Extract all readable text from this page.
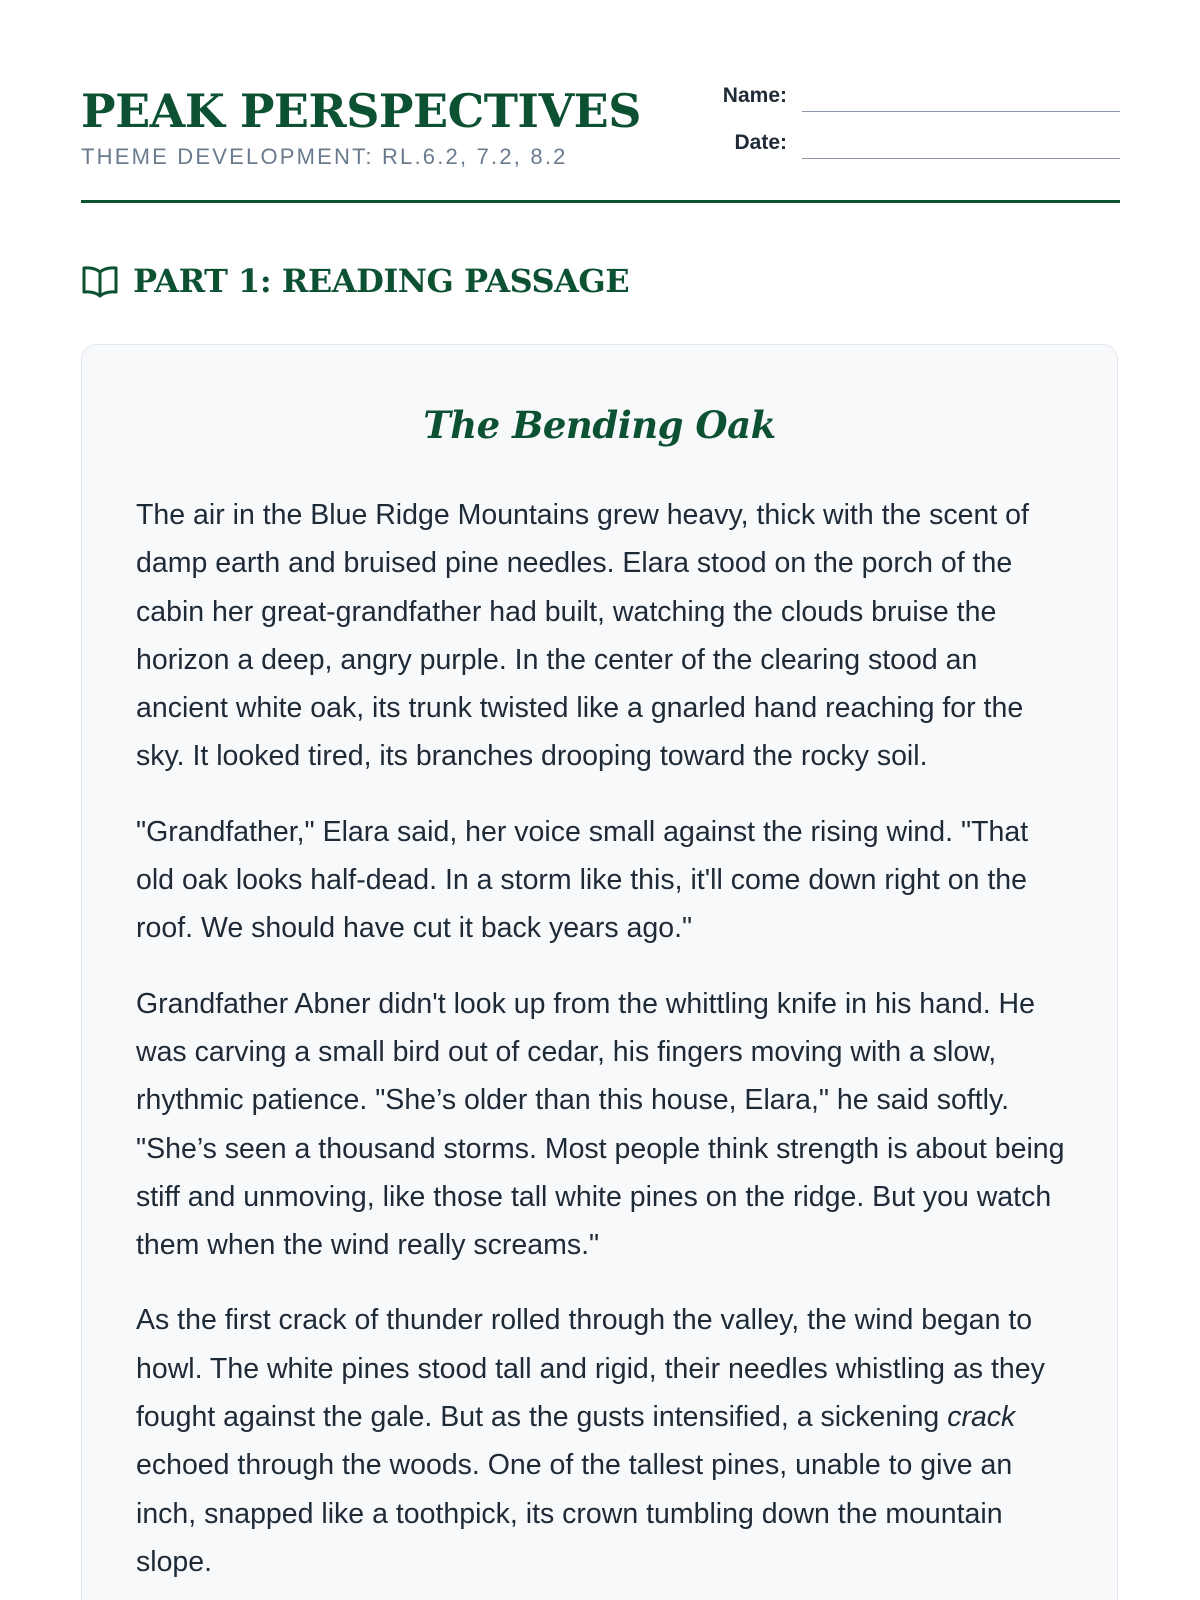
PEAK PERSPECTIVES
THEME DEVELOPMENT: RL.6.2, 7.2, 8.2
Name:
Date:
PART 1: READING PASSAGE
The Bending Oak

The air in the Blue Ridge Mountains grew heavy, thick with the scent of damp earth and bruised pine needles. Elara stood on the porch of the cabin her great-grandfather had built, watching the clouds bruise the horizon a deep, angry purple. In the center of the clearing stood an ancient white oak, its trunk twisted like a gnarled hand reaching for the sky. It looked tired, its branches drooping toward the rocky soil.

"Grandfather," Elara said, her voice small against the rising wind. "That old oak looks half-dead. In a storm like this, it'll come down right on the roof. We should have cut it back years ago."

Grandfather Abner didn't look up from the whittling knife in his hand. He was carving a small bird out of cedar, his fingers moving with a slow, rhythmic patience. "She’s older than this house, Elara," he said softly. "She’s seen a thousand storms. Most people think strength is about being stiff and unmoving, like those tall white pines on the ridge. But you watch them when the wind really screams."

As the first crack of thunder rolled through the valley, the wind began to howl. The white pines stood tall and rigid, their needles whistling as they fought against the gale. But as the gusts intensified, a sickening crack echoed through the woods. One of the tallest pines, unable to give an inch, snapped like a toothpick, its crown tumbling down the mountain slope.
